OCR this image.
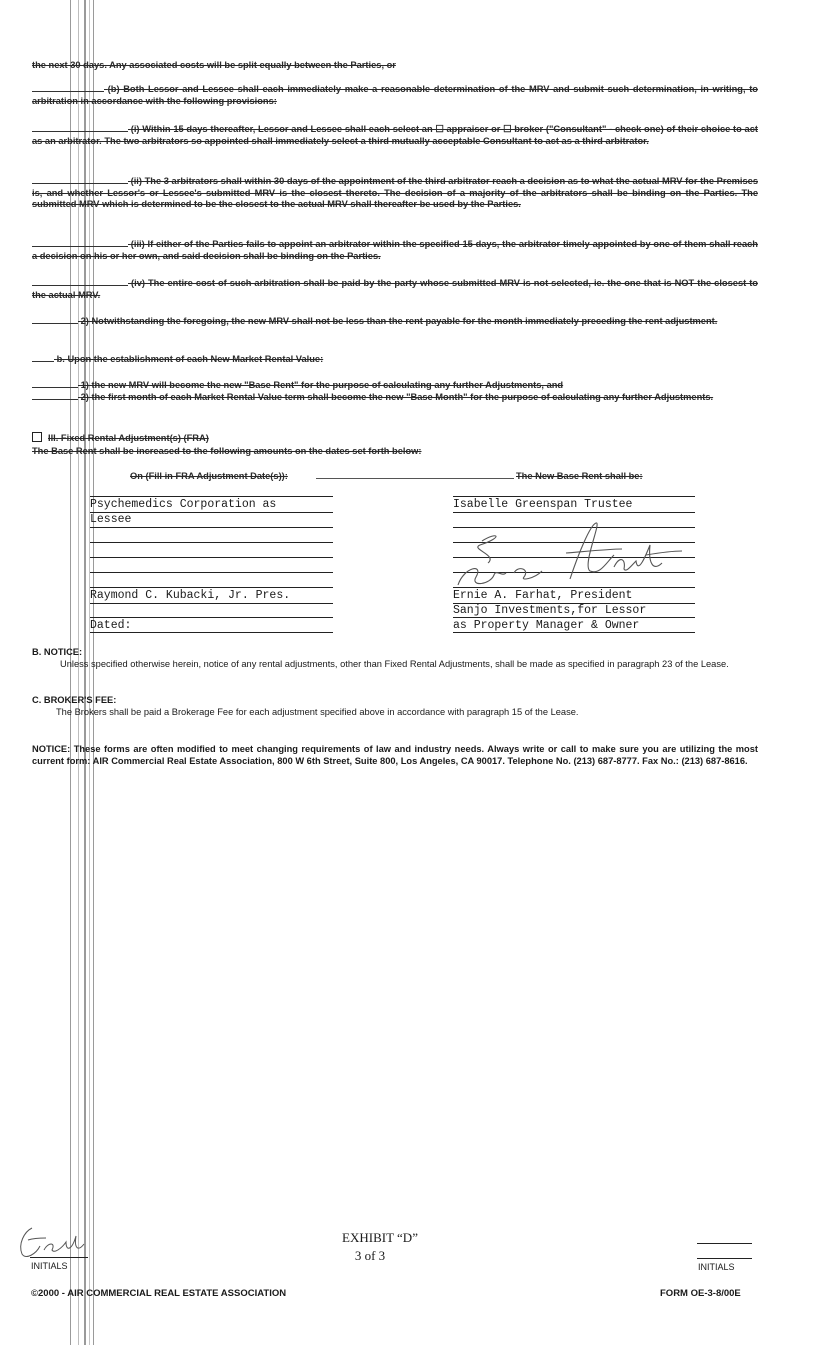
the next 30 days. Any associated costs will be split equally between the Parties, or
(b) Both Lessor and Lessee shall each immediately make a reasonable determination of the MRV and submit such determination, in writing, to arbitration in accordance with the following provisions:
(i) Within 15 days thereafter, Lessor and Lessee shall each select an ☐ appraiser or ☐ broker ("Consultant" - check one) of their choice to act as an arbitrator. The two arbitrators so appointed shall immediately select a third mutually acceptable Consultant to act as a third arbitrator.
(ii) The 3 arbitrators shall within 30 days of the appointment of the third arbitrator reach a decision as to what the actual MRV for the Premises is, and whether Lessor's or Lessee's submitted MRV is the closest thereto. The decision of a majority of the arbitrators shall be binding on the Parties. The submitted MRV which is determined to be the closest to the actual MRV shall thereafter be used by the Parties.
(iii) If either of the Parties fails to appoint an arbitrator within the specified 15 days, the arbitrator timely appointed by one of them shall reach a decision on his or her own, and said decision shall be binding on the Parties.
(iv) The entire cost of such arbitration shall be paid by the party whose submitted MRV is not selected, ie. the one that is NOT the closest to the actual MRV.
2) Notwithstanding the foregoing, the new MRV shall not be less than the rent payable for the month immediately preceding the rent adjustment.
b. Upon the establishment of each New Market Rental Value:
1) the new MRV will become the new "Base Rent" for the purpose of calculating any further Adjustments, and
2) the first month of each Market Rental Value term shall become the new "Base Month" for the purpose of calculating any further Adjustments.
III. Fixed Rental Adjustment(s) (FRA)
The Base Rent shall be increased to the following amounts on the dates set forth below:
On (Fill in FRA Adjustment Date(s)):	The New Base Rent shall be:
Psychemedics Corporation as
Lessee
Raymond C. Kubacki, Jr. Pres.
Dated:
Isabelle Greenspan Trustee
Ernie A. Farhat, President
Sanjo Investments,for Lessor
as Property Manager & Owner
B. NOTICE:
Unless specified otherwise herein, notice of any rental adjustments, other than Fixed Rental Adjustments, shall be made as specified in paragraph 23 of the Lease.
C. BROKER'S FEE:
The Brokers shall be paid a Brokerage Fee for each adjustment specified above in accordance with paragraph 15 of the Lease.
NOTICE: These forms are often modified to meet changing requirements of law and industry needs. Always write or call to make sure you are utilizing the most current form: AIR Commercial Real Estate Association, 800 W 6th Street, Suite 800, Los Angeles, CA 90017. Telephone No. (213) 687-8777. Fax No.: (213) 687-8616.
INITIALS
EXHIBIT “D”
3 of 3
INITIALS
©2000 - AIR COMMERCIAL REAL ESTATE ASSOCIATION	FORM OE-3-8/00E
